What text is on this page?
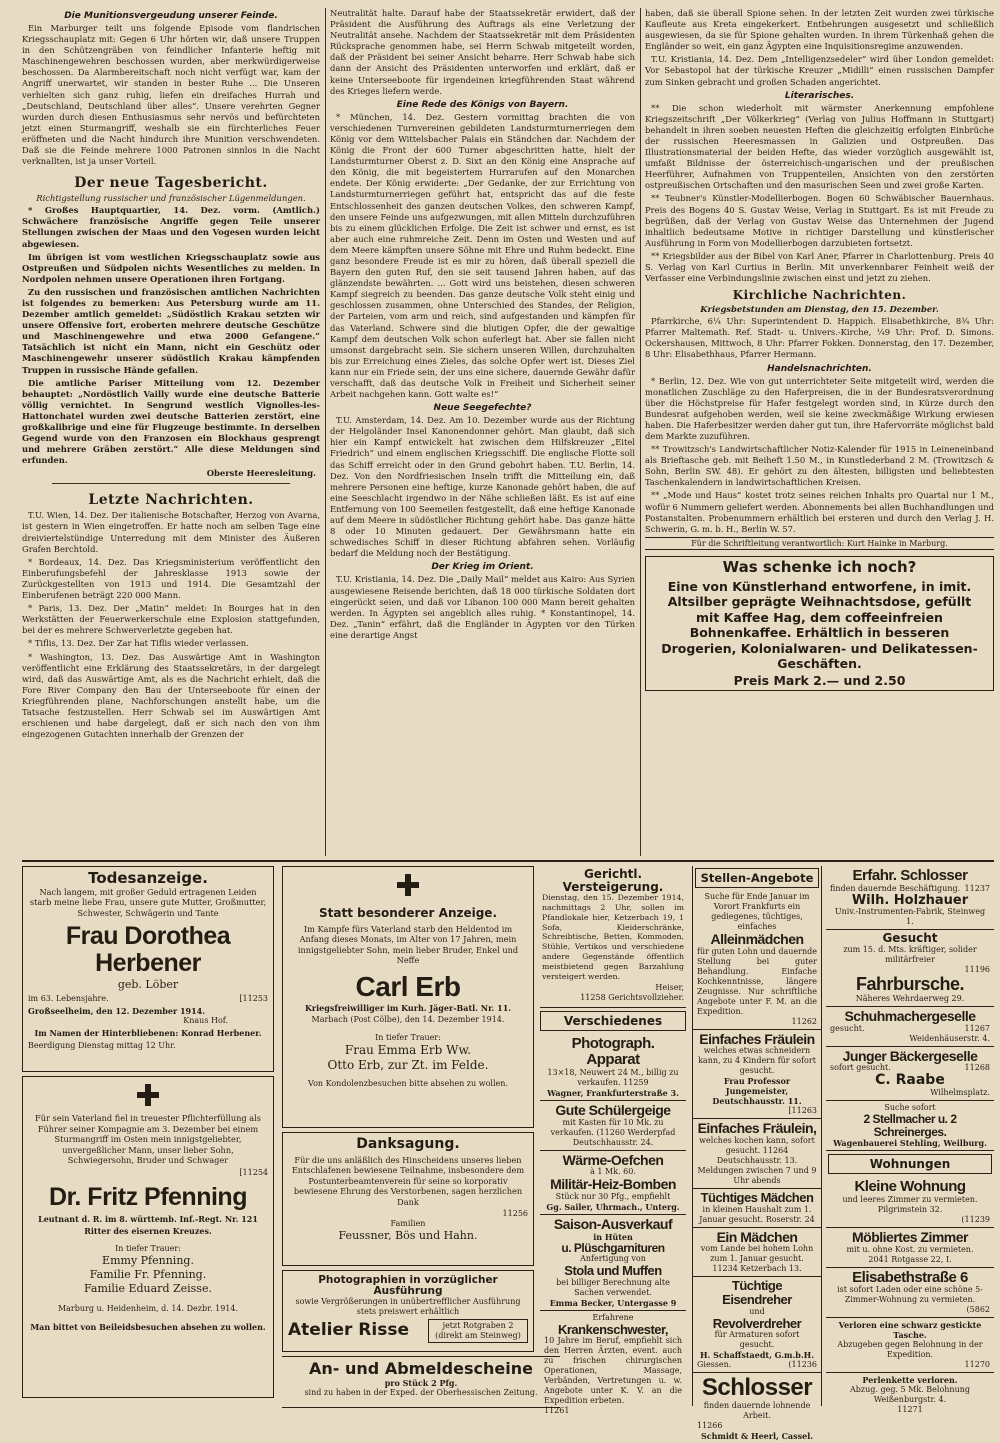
Die Munitionsvergeudung unserer Feinde.

Ein Marburger teilt uns folgende Episode vom flandrischen Kriegsschauplatz mit: Gegen 6 Uhr hörten wir, daß unsere Truppen in den Schützengräben von feindlicher Infanterie heftig mit Maschinengewehren beschossen wurden, aber merkwürdigerweise beschossen. Da Alarmbereitschaft noch nicht verfügt war, kam der Angriff unerwartet, wir standen in bester Ruhe ... Die Unseren verhielten sich ganz ruhig, liefen ein dreifaches Hurrah und „Deutschland, Deutschland über alles“. Unsere verehrten Gegner wurden durch diesen Enthusiasmus sehr nervös und befürchteten jetzt einen Sturmangriff, weshalb sie ein fürchterliches Feuer eröffneten und die Nacht hindurch ihre Munition verschwendeten. Daß sie die Feinde mehrere 1000 Patronen sinnlos in die Nacht verknallten, ist ja unser Vorteil.

Der neue Tagesbericht.
Richtigstellung russischer und französischer Lügenmeldungen.

* Großes Hauptquartier, 14. Dez. vorm. (Amtlich.) Schwächere französische Angriffe gegen Teile unserer Stellungen zwischen der Maas und den Vogesen wurden leicht abgewiesen.

Im übrigen ist vom westlichen Kriegsschauplatz sowie aus Ostpreußen und Südpolen nichts Wesentliches zu melden. In Nordpolen nehmen unsere Operationen ihren Fortgang.

Zu den russischen und französischen amtlichen Nachrichten ist folgendes zu bemerken: Aus Petersburg wurde am 11. Dezember amtlich gemeldet: „Südöstlich Krakau setzten wir unsere Offensive fort, eroberten mehrere deutsche Geschütze und Maschinengewehre und etwa 2000 Gefangene.“ Tatsächlich ist nicht ein Mann, nicht ein Geschütz oder Maschinengewehr unserer südöstlich Krakau kämpfenden Truppen in russische Hände gefallen.

Die amtliche Pariser Mitteilung vom 12. Dezember behauptet: „Nordöstlich Vailly wurde eine deutsche Batterie völlig vernichtet. In Sengrund westlich Vignolles-les-Hattonchatel wurden zwei deutsche Batterien zerstört, eine großkalibrige und eine für Flugzeuge bestimmte. In derselben Gegend wurde von den Franzosen ein Blockhaus gesprengt und mehrere Gräben zerstört.“ Alle diese Meldungen sind erfunden.

Oberste Heeresleitung.
Letzte Nachrichten.

T.U. Wien, 14. Dez. Der italienische Botschafter, Herzog von Avarna, ist gestern in Wien eingetroffen. Er hatte noch am selben Tage eine dreiviertelstündige Unterredung mit dem Minister des Äußeren Grafen Berchtold.

* Bordeaux, 14. Dez. Das Kriegsministerium veröffentlicht den Einberufungsbefehl der Jahresklasse 1913 sowie der Zurückgestellten von 1913 und 1914. Die Gesamtzahl der Einberufenen beträgt 220 000 Mann.

* Paris, 13. Dez. Der „Matin“ meldet: In Bourges hat in den Werkstätten der Feuerwerkerschule eine Explosion stattgefunden, bei der es mehrere Schwerverletzte gegeben hat.

* Tiflis, 13. Dez. Der Zar hat Tiflis wieder verlassen.

* Washington, 13. Dez. Das Auswärtige Amt in Washington veröffentlicht eine Erklärung des Staatssekretärs, in der dargelegt wird, daß das Auswärtige Amt, als es die Nachricht erhielt, daß die Fore River Company den Bau der Unterseeboote für einen der Kriegführenden plane, Nachforschungen anstellt habe, um die Tatsache festzustellen. Herr Schwab sei im Auswärtigen Amt erschienen und habe dargelegt, daß er sich nach den von ihm eingezogenen Gutachten innerhalb der Grenzen der

Neutralität halte. Darauf habe der Staatssekretär erwidert, daß der Präsident die Ausführung des Auftrags als eine Verletzung der Neutralität ansehe. Nachdem der Staatssekretär mit dem Präsidenten Rücksprache genommen habe, sei Herrn Schwab mitgeteilt worden, daß der Präsident bei seiner Ansicht beharre. Herr Schwab habe sich dann der Ansicht des Präsidenten unterworfen und erklärt, daß er keine Unterseeboote für irgendeinen kriegführenden Staat während des Krieges liefern werde.

Eine Rede des Königs von Bayern.

* München, 14. Dez. Gestern vormittag brachten die von verschiedenen Turnvereinen gebildeten Landsturmturnerriegen dem König vor dem Wittelsbacher Palais ein Ständchen dar. Nachdem der König die Front der 600 Turner abgeschritten hatte, hielt der Landsturmturner Oberst z. D. Sixt an den König eine Ansprache auf den König, die mit begeistertem Hurrarufen auf den Monarchen endete. Der König erwiderte: „Der Gedanke, der zur Errichtung von Landsturmturnerriegen geführt hat, entspricht das auf die feste Entschlossenheit des ganzen deutschen Volkes, den schweren Kampf, den unsere Feinde uns aufgezwungen, mit allen Mitteln durchzuführen bis zu einem glücklichen Erfolge. Die Zeit ist schwer und ernst, es ist aber auch eine ruhmreiche Zeit. Denn im Osten und Westen und auf dem Meere kämpften unsere Söhne mit Ehre und Ruhm bedeckt. Eine ganz besondere Freude ist es mir zu hören, daß überall speziell die Bayern den guten Ruf, den sie seit tausend Jahren haben, auf das glänzendste bewährten. ... Gott wird uns beistehen, diesen schweren Kampf siegreich zu beenden. Das ganze deutsche Volk steht einig und geschlossen zusammen, ohne Unterschied des Standes, der Religion, der Parteien, vom arm und reich, sind aufgestanden und kämpfen für das Vaterland. Schwere sind die blutigen Opfer, die der gewaltige Kampf dem deutschen Volk schon auferlegt hat. Aber sie fallen nicht umsonst dargebracht sein. Sie sichern unseren Willen, durchzuhalten bis zur Erreichung eines Zieles, das solche Opfer wert ist. Dieses Ziel kann nur ein Friede sein, der uns eine sichere, dauernde Gewähr dafür verschafft, daß das deutsche Volk in Freiheit und Sicherheit seiner Arbeit nachgehen kann. Gott walte es!“

Neue Seegefechte?

T.U. Amsterdam, 14. Dez. Am 10. Dezember wurde aus der Richtung der Helgoländer Insel Kanonendonner gehört. Man glaubt, daß sich hier ein Kampf entwickelt hat zwischen dem Hilfskreuzer „Eitel Friedrich“ und einem englischen Kriegsschiff. Die englische Flotte soll das Schiff erreicht oder in den Grund gebohrt haben. T.U. Berlin, 14. Dez. Von den Nordfriesischen Inseln trifft die Mitteilung ein, daß mehrere Personen eine heftige, kurze Kanonade gehört haben, die auf eine Seeschlacht irgendwo in der Nähe schließen läßt. Es ist auf eine Entfernung von 100 Seemeilen festgestellt, daß eine heftige Kanonade auf dem Meere in südöstlicher Richtung gehört habe. Das ganze hätte 8 oder 10 Minuten gedauert. Der Gewährsmann hatte ein schwedisches Schiff in dieser Richtung abfahren sehen. Vorläufig bedarf die Meldung noch der Bestätigung.

Der Krieg im Orient.

T.U. Kristiania, 14. Dez. Die „Daily Mail“ meldet aus Kairo: Aus Syrien ausgewiesene Reisende berichten, daß 18 000 türkische Soldaten dort eingerückt seien, und daß vor Libanon 100 000 Mann bereit gehalten werden. In Ägypten sei angeblich alles ruhig. * Konstantinopel, 14. Dez. „Tanin“ erfährt, daß die Engländer in Ägypten vor den Türken eine derartige Angst

haben, daß sie überall Spione sehen. In der letzten Zeit wurden zwei türkische Kaufleute aus Kreta eingekerkert. Entbehrungen ausgesetzt und schließlich ausgewiesen, da sie für Spione gehalten wurden. In ihrem Türkenhaß gehen die Engländer so weit, ein ganz Ägypten eine Inquisitionsregime anzuwenden.

T.U. Kristiania, 14. Dez. Dem „Intelligenzsedeler“ wird über London gemeldet: Vor Sebastopol hat der türkische Kreuzer „Midilli“ einen russischen Dampfer zum Sinken gebracht und großen Schaden angerichtet.

Literarisches.

** Die schon wiederholt mit wärmster Anerkennung empfohlene Kriegszeitschrift „Der Völkerkrieg“ (Verlag von Julius Hoffmann in Stuttgart) behandelt in ihren soeben neuesten Heften die gleichzeitig erfolgten Einbrüche der russischen Heeresmassen in Galizien und Ostpreußen. Das Illustrationsmaterial der beiden Hefte, das wieder vorzüglich ausgewählt ist, umfaßt Bildnisse der österreichisch-ungarischen und der preußischen Heerführer, Aufnahmen von Truppenteilen, Ansichten von den zerstörten ostpreußischen Ortschaften und den masurischen Seen und zwei große Karten.

** Teubner's Künstler-Modellierbogen. Bogen 60 Schwäbischer Bauernhaus. Preis des Bogens 40 S. Gustav Weise, Verlag in Stuttgart. Es ist mit Freude zu begrüßen, daß der Verlag von Gustav Weise das Unternehmen der Jugend inhaltlich bedeutsame Motive in richtiger Darstellung und künstlerischer Ausführung in Form von Modellierbogen darzubieten fortsetzt.

** Kriegsbilder aus der Bibel von Karl Aner, Pfarrer in Charlottenburg. Preis 40 S. Verlag von Karl Curtius in Berlin. Mit unverkennbarer Feinheit weiß der Verfasser eine Verbindungslinie zwischen einst und jetzt zu ziehen.

Kirchliche Nachrichten.
Kriegsbetstunden am Dienstag, den 15. Dezember.

Pfarrkirche, 6¼ Uhr: Superintendent D. Happich. Elisabethkirche, 8¾ Uhr: Pfarrer Maltemath. Ref. Stadt- u. Univers.-Kirche, ¼9 Uhr: Prof. D. Simons. Ockershausen, Mittwoch, 8 Uhr: Pfarrer Fokken. Donnerstag, den 17. Dezember, 8 Uhr: Elisabethhaus, Pfarrer Hermann.

Handelsnachrichten.

* Berlin, 12. Dez. Wie von gut unterrichteter Seite mitgeteilt wird, werden die monatlichen Zuschläge zu den Haferpreisen, die in der Bundesratsverordnung über die Höchstpreise für Hafer festgelegt worden sind, in Kürze durch den Bundesrat aufgehoben werden, weil sie keine zweckmäßige Wirkung erwiesen haben. Die Haferbesitzer werden daher gut tun, ihre Hafervorräte möglichst bald dem Markte zuzuführen.

** Trowitzsch's Landwirtschaftlicher Notiz-Kalender für 1915 in Leineneinband als Brieftasche geb. mit Beiheft 1.50 M., in Kunstlederband 2 M. (Trowitzsch & Sohn, Berlin SW. 48). Er gehört zu den ältesten, billigsten und beliebtesten Taschenkalendern in landwirtschaftlichen Kreisen.

** „Mode und Haus“ kostet trotz seines reichen Inhalts pro Quartal nur 1 M., wofür 6 Nummern geliefert werden. Abonnements bei allen Buchhandlungen und Postanstalten. Probenummern erhältlich bei ersteren und durch den Verlag J. H. Schwerin, G. m. b. H., Berlin W. 57.

Für die Schriftleitung verantwortlich: Kurt Hainke in Marburg.
Was schenke ich noch?
Eine von Künstlerhand entworfene, in imit. Altsilber geprägte Weihnachtsdose, gefüllt mit Kaffee Hag, dem coffeeinfreien Bohnenkaffee. Erhältlich in besseren Drogerien, Kolonialwaren- und Delikatessen-Geschäften.
Preis Mark 2.— und 2.50
Todesanzeige.

Nach langem, mit großer Geduld ertragenen Leiden starb meine liebe Frau, unsere gute Mutter, Großmutter, Schwester, Schwägerin und Tante

Frau Dorothea Herbener
geb. Löber
im 63. Lebensjahre.	[11253
Großseelheim, den 12. Dezember 1914.
Knaus Hof.
Im Namen der Hinterbliebenen: Konrad Herbener.
Beerdigung Dienstag mittag 12 Uhr.

Für sein Vaterland fiel in treuester Pflichterfüllung als Führer seiner Kompagnie am 3. Dezember bei einem Sturmangriff im Osten mein innigstgeliebter, unvergeßlicher Mann, unser lieber Sohn, Schwiegersohn, Bruder und Schwager

[11254
Dr. Fritz Pfenning
Leutnant d. R. im 8. württemb. Inf.-Regt. Nr. 121
Ritter des eisernen Kreuzes.
In tiefer Trauer:
Emmy Pfenning.
Familie Fr. Pfenning.
Familie Eduard Zeisse.
Marburg u. Heidenheim, d. 14. Dezbr. 1914.
Man bittet von Beileidsbesuchen absehen zu wollen.
Statt besonderer Anzeige.

Im Kampfe fürs Vaterland starb den Heldentod im Anfang dieses Monats, im Alter von 17 Jahren, mein innigstgeliebter Sohn, mein lieber Bruder, Enkel und Neffe

Carl Erb
Kriegsfreiwilliger im Kurh. Jäger-Batl. Nr. 11.
Marbach (Post Cölbe), den 14. Dezember 1914.
In tiefer Trauer:
Frau Emma Erb Ww.
Otto Erb, zur Zt. im Felde.
Von Kondolenzbesuchen bitte absehen zu wollen.
Danksagung.

Für die uns anläßlich des Hinscheidens unseres lieben Entschlafenen bewiesene Teilnahme, insbesondere dem Postunterbeamtenverein für seine so korporativ bewiesene Ehrung des Verstorbenen, sagen herzlichen Dank

11256
Familien
Feussner, Bös und Hahn.
Photographien in vorzüglicher Ausführung
sowie Vergrößerungen in unübertrefflicher Ausführung stets preiswert erhältlich
Atelier Risse	jetzt Rotgraben 2 (direkt am Steinweg)
An- und Abmeldescheine
pro Stück 2 Pfg.
sind zu haben in der Exped. der Oberhessischen Zeitung.
Gerichtl. Versteigerung.

Dienstag, den 15. Dezember 1914, nachmittags 2 Uhr, sollen im Pfandlokale hier, Ketzerbach 19, 1 Sofa, Kleiderschränke, Schreibtische, Betten, Kommoden, Stühle, Vertikos und verschiedene andere Gegenstände öffentlich meistbietend gegen Barzahlung versteigert werden.

Heiser,
11258 Gerichtsvollzieher.
Verschiedenes
Photograph. Apparat
13×18, Neuwert 24 M., billig zu verkaufen. 11259
Wagner, Frankfurterstraße 3.
Gute Schülergeige
mit Kasten für 10 Mk. zu verkaufen. (11260 Werderpfad Deutschhausstr. 24.
Wärme-Oefchen
à 1 Mk. 60.
Militär-Heiz-Bomben
Stück nur 30 Pfg., empfiehlt
Gg. Sailer, Uhrmach., Unterg.
Saison-Ausverkauf
in Hüten
u. Plüschgarnituren
Anfertigung von
Stola und Muffen
bei billiger Berechnung alte Sachen verwendet.
Emma Becker, Untergasse 9
Erfahrene
Krankenschwester,
10 Jahre im Beruf, empfiehlt sich den Herren Ärzten, event. auch zu frischen chirurgischen Operationen, Massage, Verbänden, Vertretungen u. w. Angebote unter K. V. an die Expedition erbeten.
11261
Stellen-Angebote
Suche für Ende Januar im Vorort Frankfurts ein gediegenes, tüchtiges, einfaches
Alleinmädchen
für guten Lohn und dauernde Stellung bei guter Behandlung. Einfache Kochkenntnisse, längere Zeugnisse. Nur schriftliche Angebote unter F. M. an die Expedition.
11262
Einfaches Fräulein
welches etwas schneidern kann, zu 4 Kindern für sofort gesucht.
Frau Professor Jungemeister, Deutschhausstr. 11.
[11263
Einfaches Fräulein,
welches kochen kann, sofort gesucht. 11264
Deutschhausstr. 13. Meldungen zwischen 7 und 9 Uhr abends
Tüchtiges Mädchen
in kleinen Haushalt zum 1. Januar gesucht. Roserstr. 24
Ein Mädchen
vom Lande bei hohem Lohn zum 1. Januar gesucht.
11234 Ketzerbach 13.
Tüchtige Eisendreher
und
Revolverdreher
für Armaturen sofort gesucht.
H. Schaffstaedt, G.m.b.H.
Giessen.	(11236
Schlosser
finden dauernde lohnende Arbeit.
11266
Schmidt & Heerl, Cassel.
Erfahr. Schlosser
finden dauernde Beschäftigung. 11237
Wilh. Holzhauer
Univ.-Instrumenten-Fabrik, Steinweg 1.
Gesucht
zum 15. d. Mts. kräftiger, solider militärfreier
11196
Fahrbursche.
Näheres Wehrdaerweg 29.
Schuhmachergeselle
gesucht.	11267
Weidenhäuserstr. 4.
Junger Bäckergeselle
sofort gesucht.	11268
C. Raabe
Wilhelmsplatz.
Suche sofort
2 Stellmacher u. 2 Schreinerges.
Wagenbauerei Stehling, Weilburg.
Wohnungen
Kleine Wohnung
und leeres Zimmer zu vermieten. Pilgrimstein 32.
(11239
Möbliertes Zimmer
mit u. ohne Kost. zu vermieten.
2041 Rotgasse 22, I.
Elisabethstraße 6
ist sofort Laden oder eine schöne 5-Zimmer-Wohnung zu vermieten.
(5862
Verloren eine schwarz gestickte Tasche.
Abzugeben gegen Belohnung in der Expedition.
11270
Perlenkette verloren.
Abzug. geg. 5 Mk. Belohnung Weißenburgstr. 4.
11271
